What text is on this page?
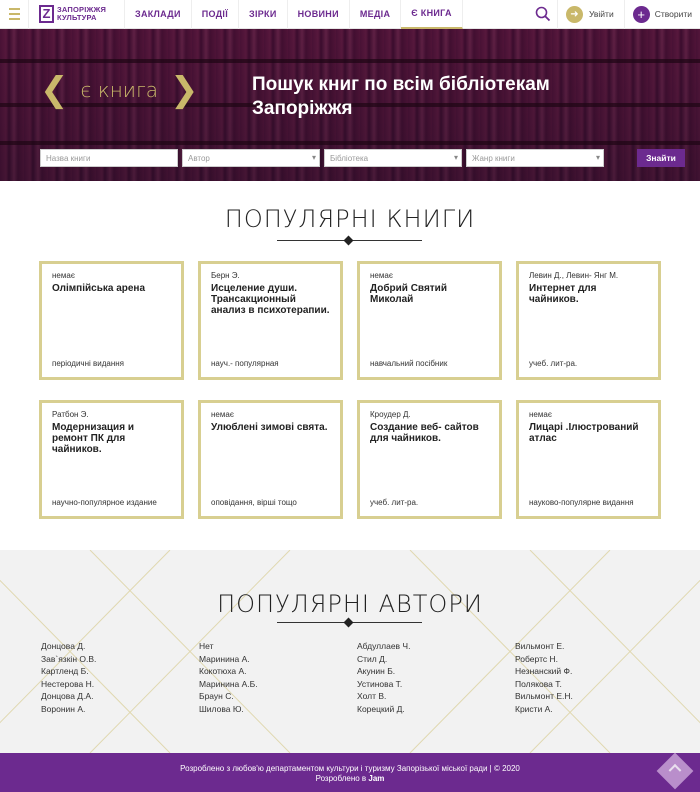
Z ЗАПОРІЖЖЯ
КУЛЬТУРА	ЗАКЛАДИ	ПОДІЇ	ЗІРКИ	НОВИНИ	МЕДІА	Є КНИГА	➜	Увійти	+	Створити
❮ є книга ❯	Пошук книг по всім бібліотекам Запоріжжя
Назва книги	Автор ▾	Бібліотека ▾	Жанр книги ▾	Знайти
ПОПУЛЯРНІ КНИГИ
немає
Олімпійська арена
періодичні видання
Берн Э.
Исцеление души. Трансакционный анализ в психотерапии.
науч.- популярная
немає
Добрий Святий Миколай
навчальний посібник
Левин Д., Левин- Янг М.
Интернет для чайников.
учеб. лит-ра.
Ратбон Э.
Модернизация и ремонт ПК для чайников.
научно-популярное издание
немає
Улюблені зимові свята.
оповідання, вірші тощо
Кроудер Д.
Создание веб- сайтов для чайников.
учеб. лит-ра.
немає
Лицарі .Ілюстрований атлас
науково-популярне видання
ПОПУЛЯРНІ АВТОРИ
Донцова Д.
Зав`язкін О.В.
Картленд Б.
Нестерова Н.
Донцова Д.А.
Воронин А.
Нет
Маринина А.
Кокотюха А.
Маринина А.Б.
Браун С.
Шилова Ю.
Абдуллаев Ч.
Стил Д.
Акунин Б.
Устинова Т.
Холт В.
Корецкий Д.
Вильмонт Е.
Робертс Н.
Незнанский Ф.
Полякова Т.
Вильмонт Е.Н.
Кристи А.
Розроблено з любов'ю департаментом культури і туризму Запорізької міської ради | © 2020
Розроблено в Jam
